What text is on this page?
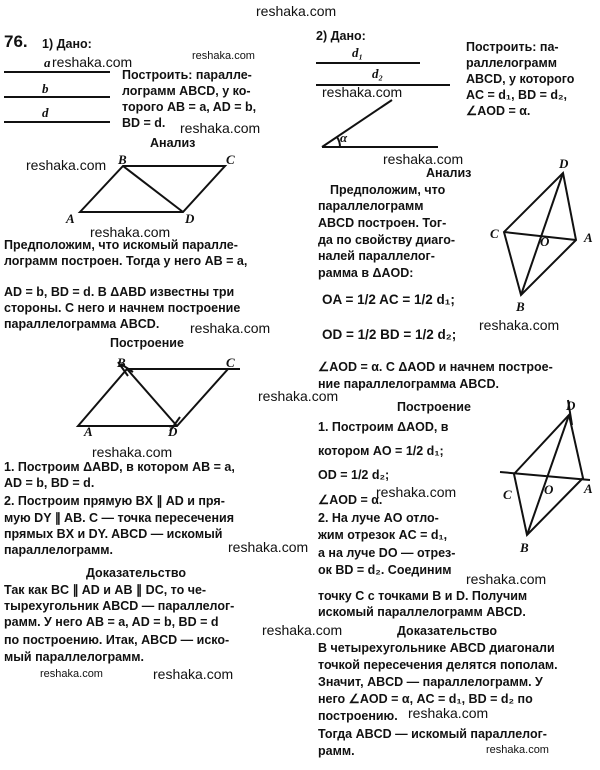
76. 1) Дано:
a
b
d
Построить: паралле-
лограмм ABCD, у ко-
торого AB = a, AD = b,
BD = d.
Анализ
B	C
A	D
Предположим, что искомый паралле-
лограмм построен. Тогда у него AB = a,
AD = b, BD = d. В ΔABD известны три
стороны. С него и начнем построение
параллелограмма ABCD.
Построение
B	C
A	D
1. Построим ΔABD, в котором AB = a,
AD = b, BD = d.
2. Построим прямую BX ∥ AD и пря-
мую DY ∥ AB. C — точка пересечения
прямых BX и DY. ABCD — искомый
параллелограмм.
Доказательство
Так как BC ∥ AD и AB ∥ DC, то че-
тырехугольник ABCD — параллелог-
рамм. У него AB = a, AD = b, BD = d
по построению. Итак, ABCD — иско-
мый параллелограмм.
2) Дано:
d₁
d₂
α
Построить: па-
раллелограмм
ABCD, у которого
AC = d₁, BD = d₂,
∠AOD = α.
Анализ
Предположим, что
параллелограмм
ABCD построен. Тог-
да по свойству диаго-
налей параллелог-
рамма в ΔAOD:
D
C
O	A
B
OA = 1/2 AC = 1/2 d₁;
OD = 1/2 BD = 1/2 d₂;
∠AOD = α. С ΔAOD и начнем построе-
ние параллелограмма ABCD.
Построение
1. Построим ΔAOD, в
котором AO = 1/2 d₁;
OD = 1/2 d₂;
∠AOD = α.
2. На луче AO отло-
жим отрезок AC = d₁,
а на луче DO — отрез-
ок BD = d₂. Соединим
точку C с точками B и D. Получим
искомый параллелограмм ABCD.
D
C O A
B
Доказательство
В четырехугольнике ABCD диагонали
точкой пересечения делятся пополам.
Значит, ABCD — параллелограмм. У
него ∠AOD = α, AC = d₁, BD = d₂ по
построению.
Тогда ABCD — искомый параллелог-
рамм.
reshaka.com
reshaka.com	reshaka.com
reshaka.com
reshaka.com
reshaka.com	reshaka.com
reshaka.com
reshaka.com	reshaka.com
reshaka.com
reshaka.com
reshaka.com
reshaka.com
reshaka.com
reshaka.com
reshaka.com	reshaka.com
reshaka.com
reshaka.com
